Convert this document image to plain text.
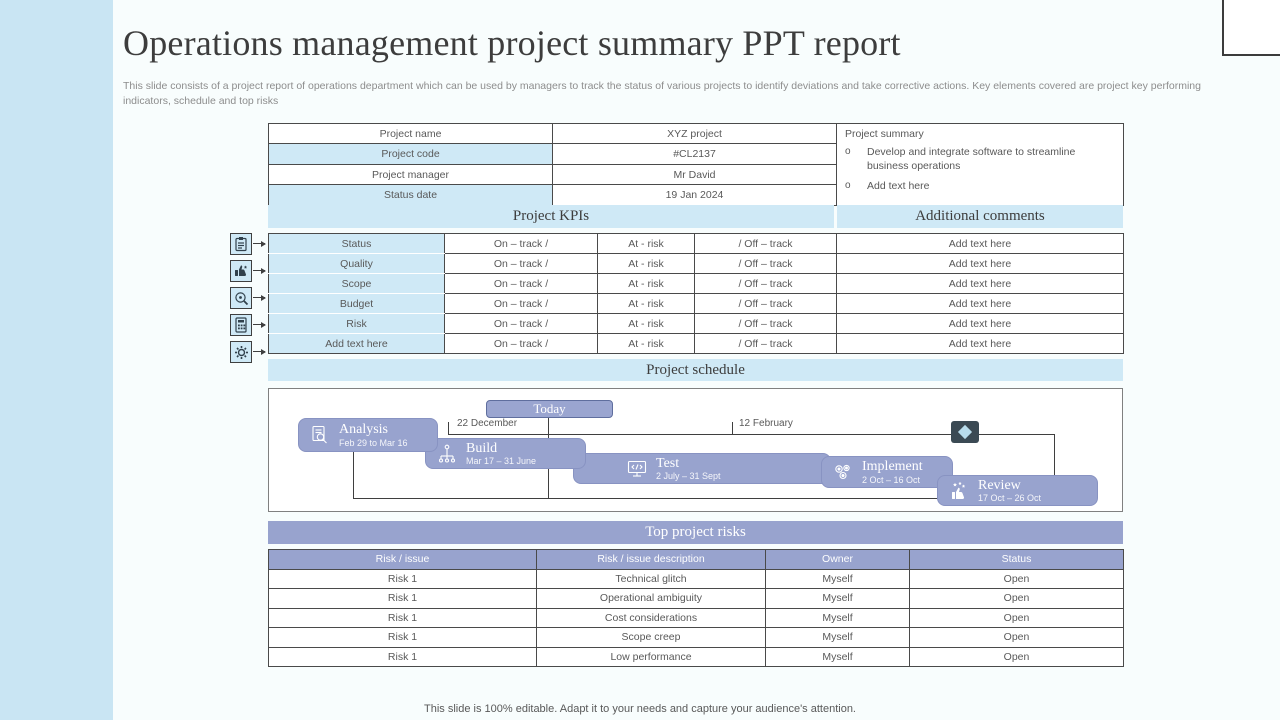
Operations management project summary PPT report
This slide consists of a project report of operations department which can be used by managers to track the status of various projects to identify deviations and take corrective actions. Key elements covered are project key performing indicators, schedule and top risks
Project name	XYZ project	Project summary
o Develop and integrate software to streamline business operations
o Add text here

Project code	#CL2137	
Project manager	Mr David	
Status date	19 Jan 2024	
Project KPIs	Additional comments
Status	On – track /	At - risk	/ Off – track	Add text here
Quality	On – track /	At - risk	/ Off – track	Add text here
Scope	On – track /	At - risk	/ Off – track	Add text here
Budget	On – track /	At - risk	/ Off – track	Add text here
Risk	On – track /	At - risk	/ Off – track	Add text here
Add text here	On – track /	At - risk	/ Off – track	Add text here
Project schedule
Today
22 December	12 February
Analysis
Feb 29 to Mar 16	Build
Mar 17 – 31 June	Test
2 July – 31 Sept
Implement
2 Oct – 16 Oct	Review
17 Oct – 26 Oct
Top project risks
Risk / issue	Risk / issue description	Owner	Status
Risk 1	Technical glitch	Myself	Open
Risk 1	Operational ambiguity	Myself	Open
Risk 1	Cost considerations	Myself	Open
Risk 1	Scope creep	Myself	Open
Risk 1	Low performance	Myself	Open
This slide is 100% editable. Adapt it to your needs and capture your audience's attention.
